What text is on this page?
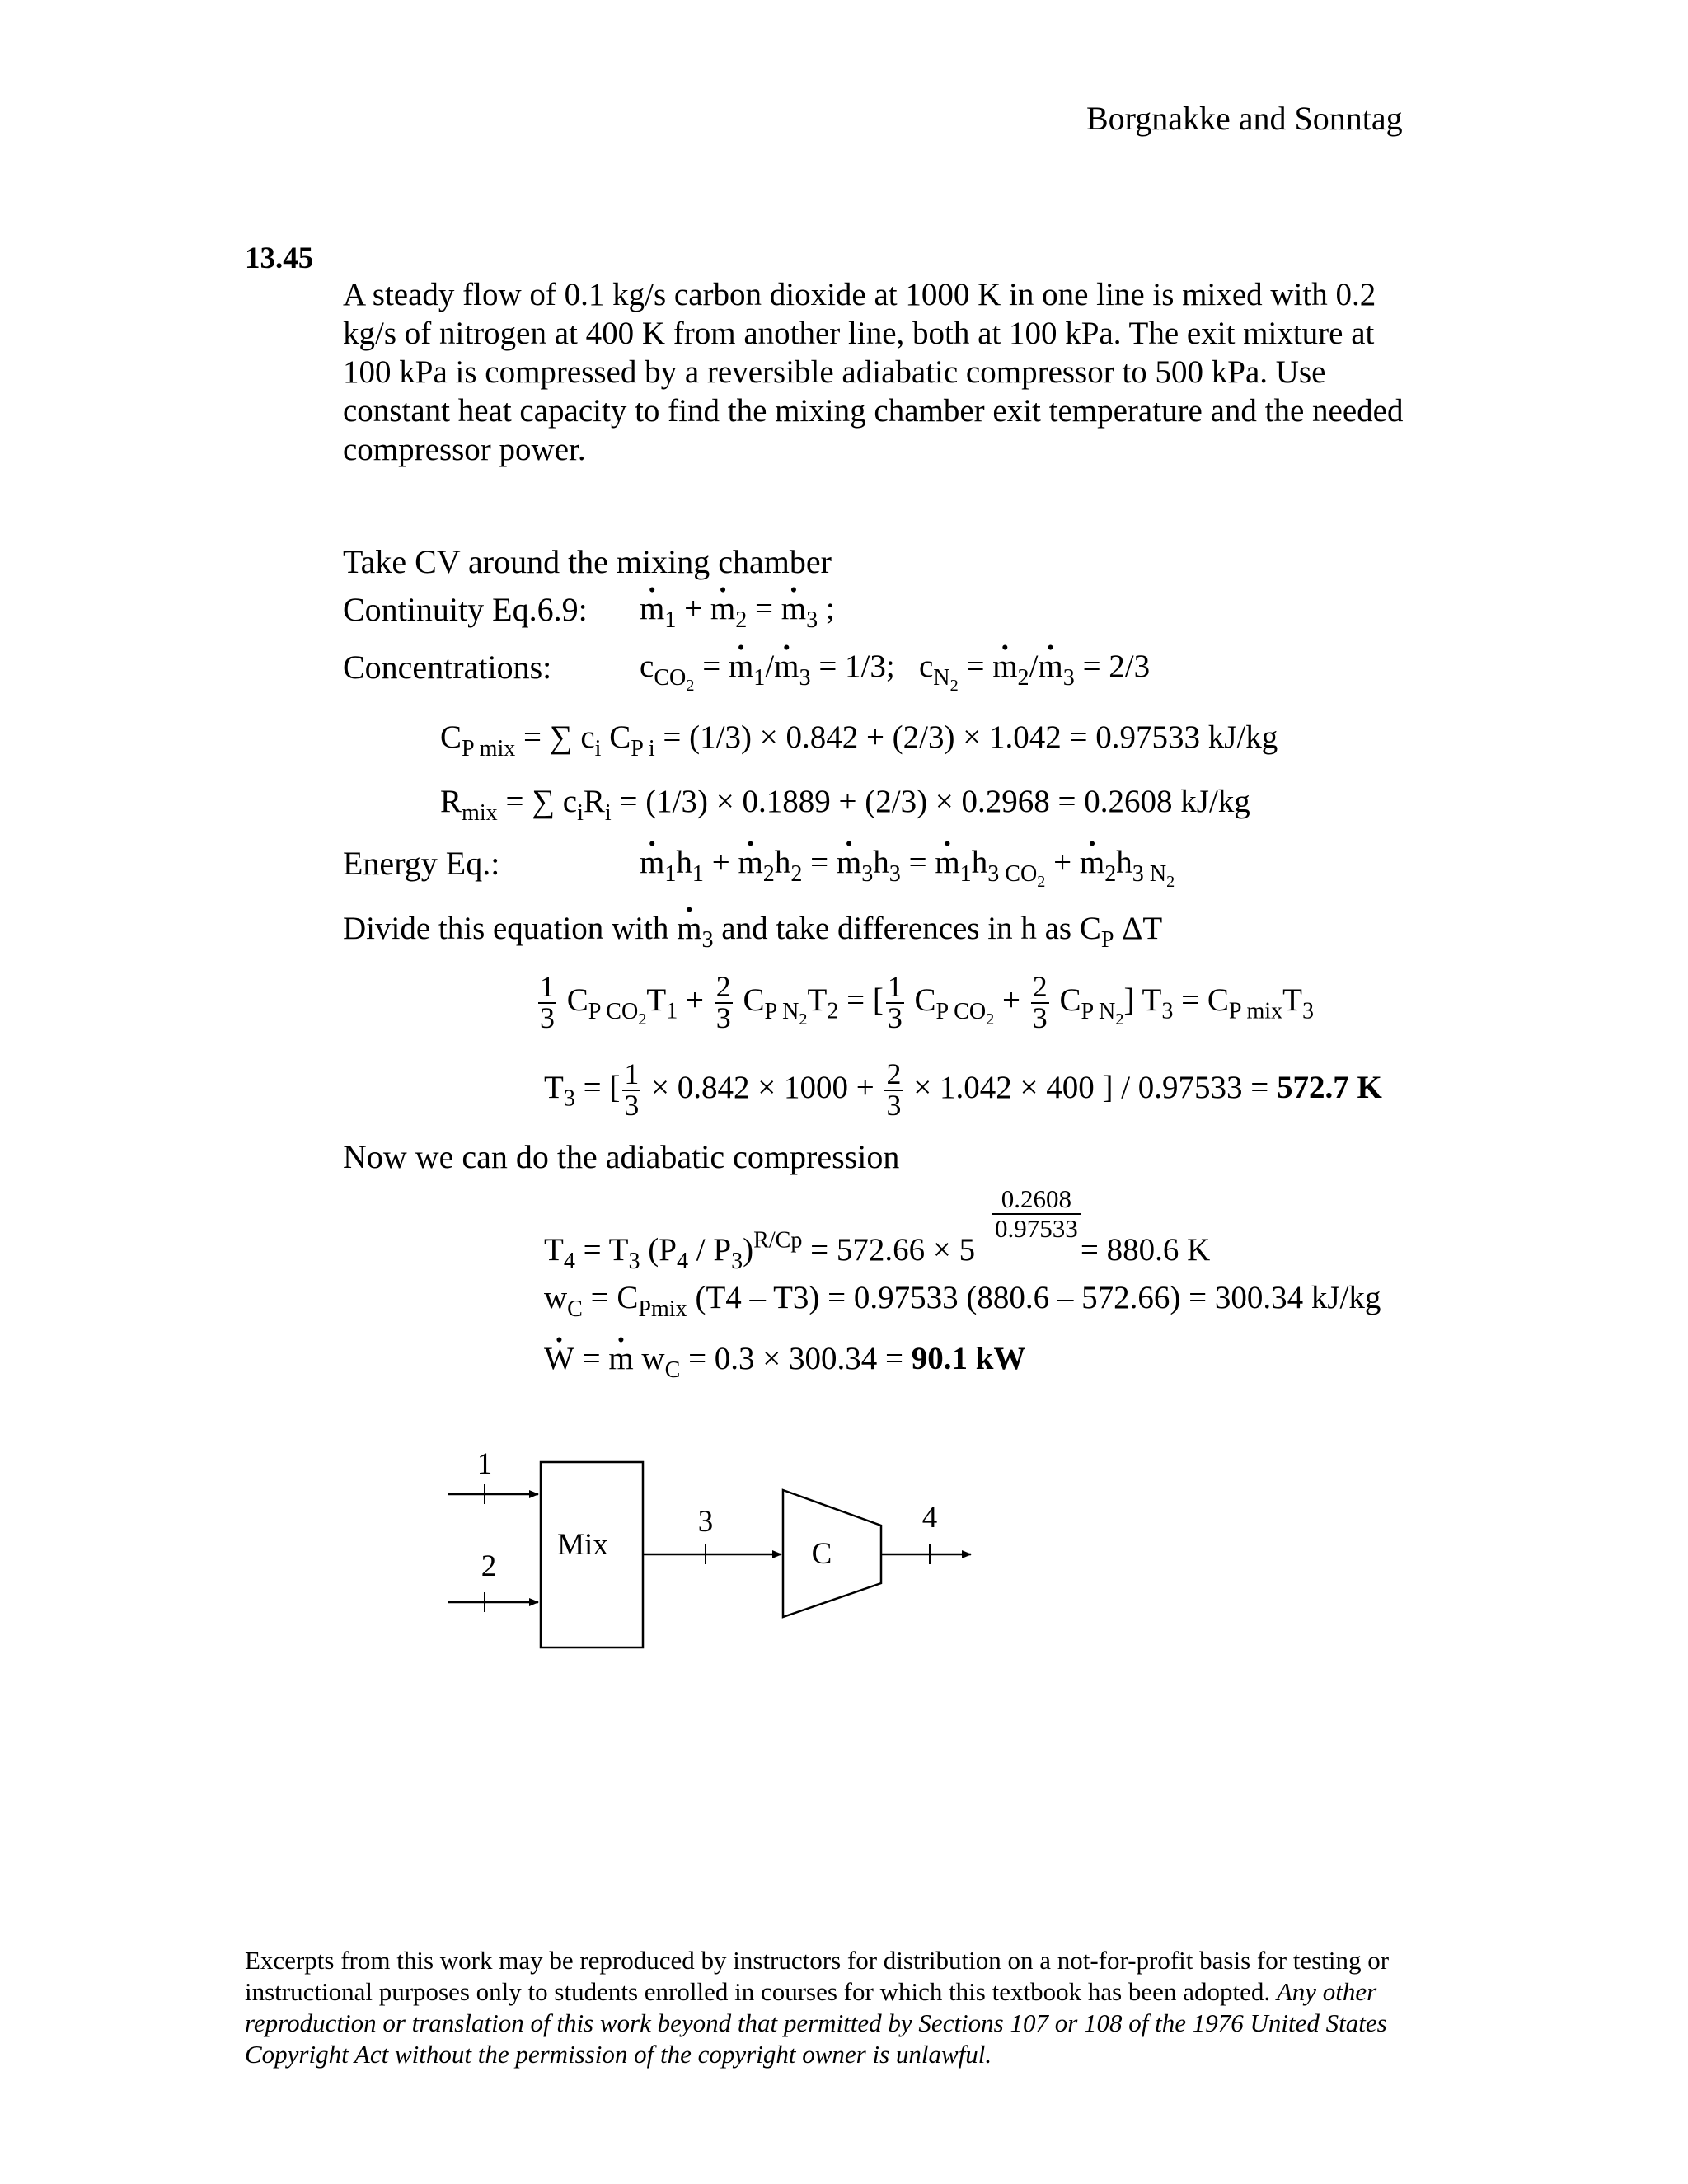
Borgnakke and Sonntag
13.45
A steady flow of 0.1 kg/s carbon dioxide at 1000 K in one line is mixed with 0.2 kg/s of nitrogen at 400 K from another line, both at 100 kPa. The exit mixture at 100 kPa is compressed by a reversible adiabatic compressor to 500 kPa. Use constant heat capacity to find the mixing chamber exit temperature and the needed compressor power.
Take CV around the mixing chamber
Continuity Eq.6.9: • $m_1$ + • $m_2$ = • $m_3$ ;
Concentrations:	$c_{CO_2}$ = • $m_1/•$ $m_3 = 1/3$;   $c_{N_2}$ = • $m_2/•$ $m_3 = 2/3$
$C_{P mix}$ = ∑ $c_i$ $C_{P i} = (1/3) \times 0.842 + (2/3) \times 1.042 = 0.97533$ kJ/kg
$R_{mix}$ = ∑ $c_iR_i = (1/3) \times 0.1889 + (2/3) \times 0.2968 = 0.2608$ kJ/kg
Energy Eq.:	• $m_1h_1$ + • $m_2h_2$ = • $m_3h_3$ = • $m_1h_{3 CO_2}$ + • $m_2h_{3 N_2}$
Divide this equation with • $m_3$ and take differences in h as $C_P$ ΔT
$\frac{1}{3} C_{P CO_2}T_1 + \frac{2}{3} C_{P N_2}T_2$ = [ $\frac{1}{3} C_{P CO_2} + \frac{2}{3} C_{P N_2}$] $T_3 = C_{P mix}T_3$
$T_3$ = [ $\frac{1}{3} \times 0.842 \times 1000 + \frac{2}{3} \times 1.042 \times 400$ ] / 0.97533 = 572.7 K
Now we can do the adiabatic compression
$\frac{0.2608}{0.97533}$
$T_4 = T_3$ $(P_4 / P_3)^{R/Cp} = 572.66 \times 5$	= 880.6 K
$w_C = C_{Pmix}$ (T4 – T3) = 0.97533 (880.6 – 572.66) = 300.34 kJ/kg
• W = • m $w_C = 0.3 \times 300.34 = 90.1$ kW
1
2
Mix
3
C
4
Excerpts from this work may be reproduced by instructors for distribution on a not-for-profit basis for testing or instructional purposes only to students enrolled in courses for which this textbook has been adopted. Any other reproduction or translation of this work beyond that permitted by Sections 107 or 108 of the 1976 United States Copyright Act without the permission of the copyright owner is unlawful.
